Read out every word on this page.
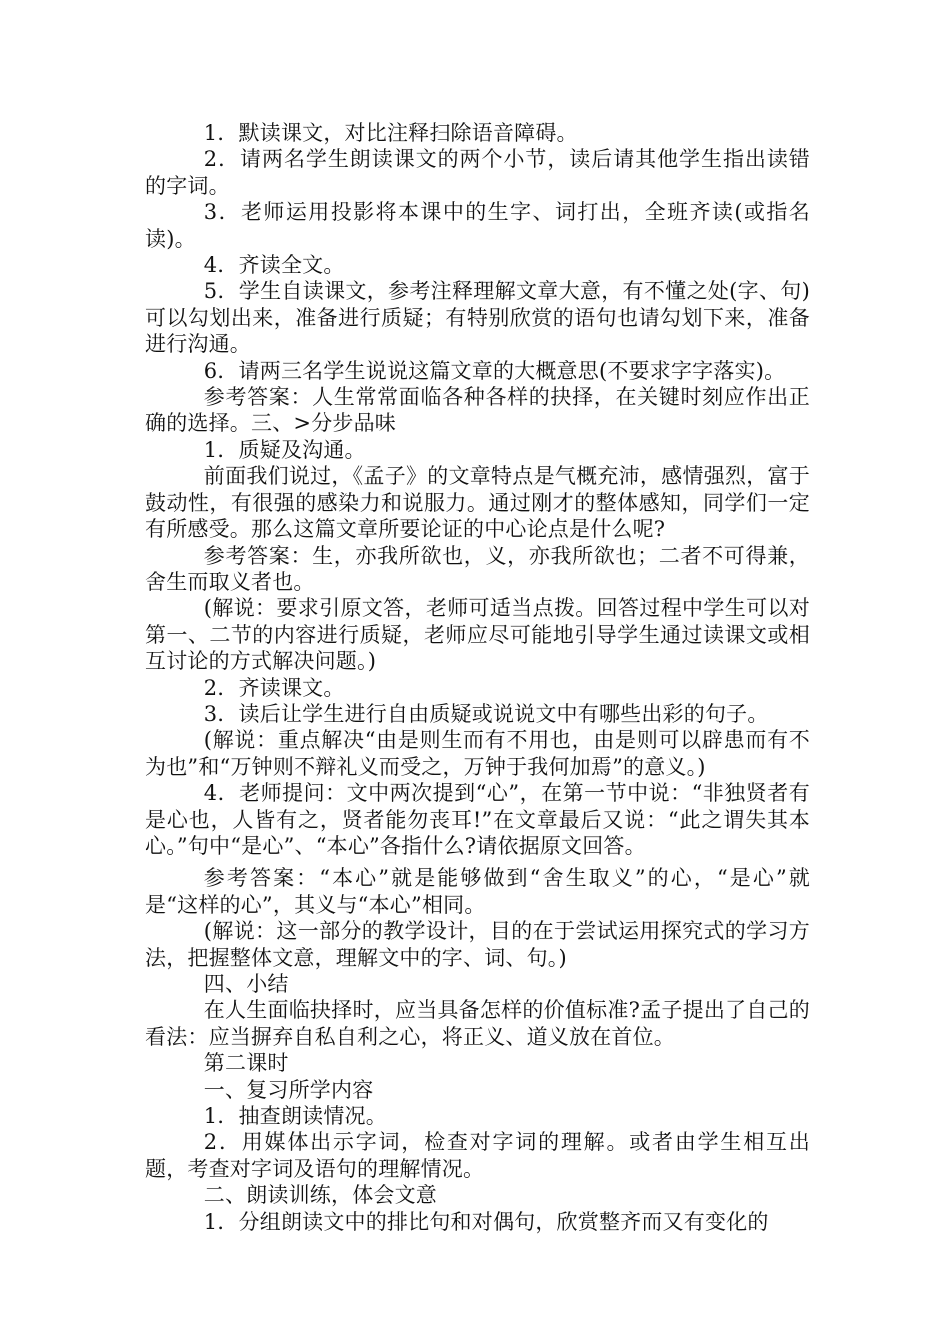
1．默读课文，对比注释扫除语音障碍。

2．请两名学生朗读课文的两个小节，读后请其他学生指出读错的字词。

3．老师运用投影将本课中的生字、词打出，全班齐读(或指名读)。

4．齐读全文。

5．学生自读课文，参考注释理解文章大意，有不懂之处(字、句)可以勾划出来，准备进行质疑；有特别欣赏的语句也请勾划下来，准备进行沟通。

6．请两三名学生说说这篇文章的大概意思(不要求字字落实)。

参考答案：人生常常面临各种各样的抉择，在关键时刻应作出正确的选择。三、>分步品味

1．质疑及沟通。

前面我们说过，《孟子》的文章特点是气概充沛，感情强烈，富于鼓动性，有很强的感染力和说服力。通过刚才的整体感知，同学们一定有所感受。那么这篇文章所要论证的中心论点是什么呢?

参考答案：生，亦我所欲也，义，亦我所欲也；二者不可得兼，舍生而取义者也。

(解说：要求引原文答，老师可适当点拨。回答过程中学生可以对第一、二节的内容进行质疑，老师应尽可能地引导学生通过读课文或相互讨论的方式解决问题。)

2．齐读课文。

3．读后让学生进行自由质疑或说说文中有哪些出彩的句子。

(解说：重点解决“由是则生而有不用也，由是则可以辟患而有不为也”和“万钟则不辩礼义而受之，万钟于我何加焉”的意义。)

4．老师提问：文中两次提到“心”，在第一节中说：“非独贤者有是心也，人皆有之，贤者能勿丧耳!”在文章最后又说：“此之谓失其本心。”句中“是心”、“本心”各指什么?请依据原文回答。

参考答案：“本心”就是能够做到“舍生取义”的心，“是心”就是“这样的心”，其义与“本心”相同。

(解说：这一部分的教学设计，目的在于尝试运用探究式的学习方法，把握整体文意，理解文中的字、词、句。)

四、小结

在人生面临抉择时，应当具备怎样的价值标准?孟子提出了自己的看法：应当摒弃自私自利之心，将正义、道义放在首位。

第二课时

一、复习所学内容

1．抽查朗读情况。

2．用媒体出示字词，检查对字词的理解。或者由学生相互出题，考查对字词及语句的理解情况。

二、朗读训练，体会文意

1．分组朗读文中的排比句和对偶句，欣赏整齐而又有变化的
